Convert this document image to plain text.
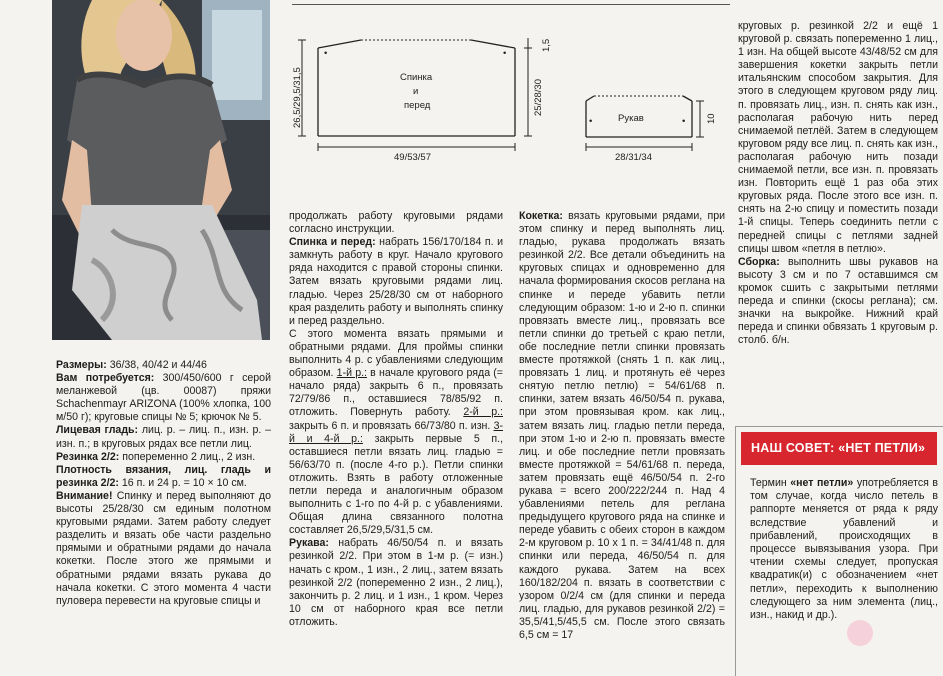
•	•
Спинка
и
перед
26,5/29,5/31,5
1,5
25/28/30
49/53/57
•	•
Рукав	10
28/31/34

Размеры: 36/38, 40/42 и 44/46

Вам потребуется: 300/450/600 г серой меланжевой (цв. 00087) пряжи Schachenmayr ARIZONA (100% хлопка, 100 м/50 г); круговые спицы № 5; крючок № 5.

Лицевая гладь: лиц. р. – лиц. п., изн. р. – изн. п.; в круговых рядах все петли лиц.

Резинка 2/2: попеременно 2 лиц., 2 изн.

Плотность вязания, лиц. гладь и резинка 2/2: 16 п. и 24 р. = 10 × 10 см.

Внимание! Спинку и перед выполняют до высоты 25/28/30 см единым полотном круговыми рядами. Затем работу следует разделить и вязать обе части раздельно прямыми и обратными рядами до начала кокетки. После этого же прямыми и обратными рядами вязать рукава до начала кокетки. С этого момента 4 части пуловера перевести на круговые спицы и

продолжать работу круговыми рядами согласно инструкции.

Спинка и перед: набрать 156/170/184 п. и замкнуть работу в круг. Начало кругового ряда находится с правой стороны спинки. Затем вязать круговыми рядами лиц. гладью. Через 25/28/30 см от наборного края разделить работу и выполнять спинку и перед раздельно.

С этого момента вязать прямыми и обратными рядами. Для проймы спинки выполнить 4 р. с убавлениями следующим образом. 1-й р.: в начале кругового ряда (= начало ряда) закрыть 6 п., провязать 72/79/86 п., оставшиеся 78/85/92 п. отложить. Повернуть работу. 2-й р.: закрыть 6 п. и провязать 66/73/80 п. изн. 3-й и 4-й р.: закрыть первые 5 п., оставшиеся петли вязать лиц. гладью = 56/63/70 п. (после 4-го р.). Петли спинки отложить. Взять в работу отложенные петли переда и аналогичным образом выполнить с 1-го по 4-й р. с убавлениями. Общая длина связанного полотна составляет 26,5/29,5/31,5 см.

Рукава: набрать 46/50/54 п. и вязать резинкой 2/2. При этом в 1-м р. (= изн.) начать с кром., 1 изн., 2 лиц., затем вязать резинкой 2/2 (попеременно 2 изн., 2 лиц.), закончить р. 2 лиц. и 1 изн., 1 кром. Через 10 см от наборного края все петли отложить.

Кокетка: вязать круговыми рядами, при этом спинку и перед выполнять лиц. гладью, рукава продолжать вязать резинкой 2/2. Все детали объединить на круговых спицах и одновременно для начала формирования скосов реглана на спинке и переде убавить петли следующим образом: 1-ю и 2-ю п. спинки провязать вместе лиц., провязать все петли спинки до третьей с краю петли, обе последние петли спинки провязать вместе протяжкой (снять 1 п. как лиц., провязать 1 лиц. и протянуть её через снятую петлю петлю) = 54/61/68 п. спинки, затем вязать 46/50/54 п. рукава, при этом провязывая кром. как лиц., затем вязать лиц. гладью петли переда, при этом 1-ю и 2-ю п. провязать вместе лиц. и обе последние петли провязать вместе протяжкой = 54/61/68 п. переда, затем провязать ещё 46/50/54 п. 2-го рукава = всего 200/222/244 п. Над 4 убавлениями петель для реглана предыдущего кругового ряда на спинке и переде убавить с обеих сторон в каждом 2-м круговом р. 10 х 1 п. = 34/41/48 п. для спинки или переда, 46/50/54 п. для каждого рукава. Затем на всех 160/182/204 п. вязать в соответствии с узором 0/2/4 см (для спинки и переда лиц. гладью, для рукавов резинкой 2/2) = 35,5/41,5/45,5 см. После этого связать 6,5 см = 17

круговых р. резинкой 2/2 и ещё 1 круговой р. связать попеременно 1 лиц., 1 изн. На общей высоте 43/48/52 см для завершения кокетки закрыть петли итальянским способом закрытия. Для этого в следующем круговом ряду лиц. п. провязать лиц., изн. п. снять как изн., располагая рабочую нить перед снимаемой петлёй. Затем в следующем круговом ряду все лиц. п. снять как изн., располагая рабочую нить позади снимаемой петли, все изн. п. провязать изн. Повторить ещё 1 раз оба этих круговых ряда. После этого все изн. п. снять на 2-ю спицу и поместить позади 1-й спицы. Теперь соединить петли с передней спицы с петлями задней спицы швом «петля в петлю».

Сборка: выполнить швы рукавов на высоту 3 см и по 7 оставшимся см кромок сшить с закрытыми петлями переда и спинки (скосы реглана); см. значки на выкройке. Нижний край переда и спинки обвязать 1 круговым р. столб. б/н.

НАШ СОВЕТ: «НЕТ ПЕТЛИ»

Термин «нет петли» употребляется в том случае, когда число петель в раппорте меняется от ряда к ряду вследствие убавлений и прибавлений, происходящих в процессе вывязывания узора. При чтении схемы следует, пропуская квадратик(и) с обозначением «нет петли», переходить к выполнению следующего за ним элемента (лиц., изн., накид и др.).
